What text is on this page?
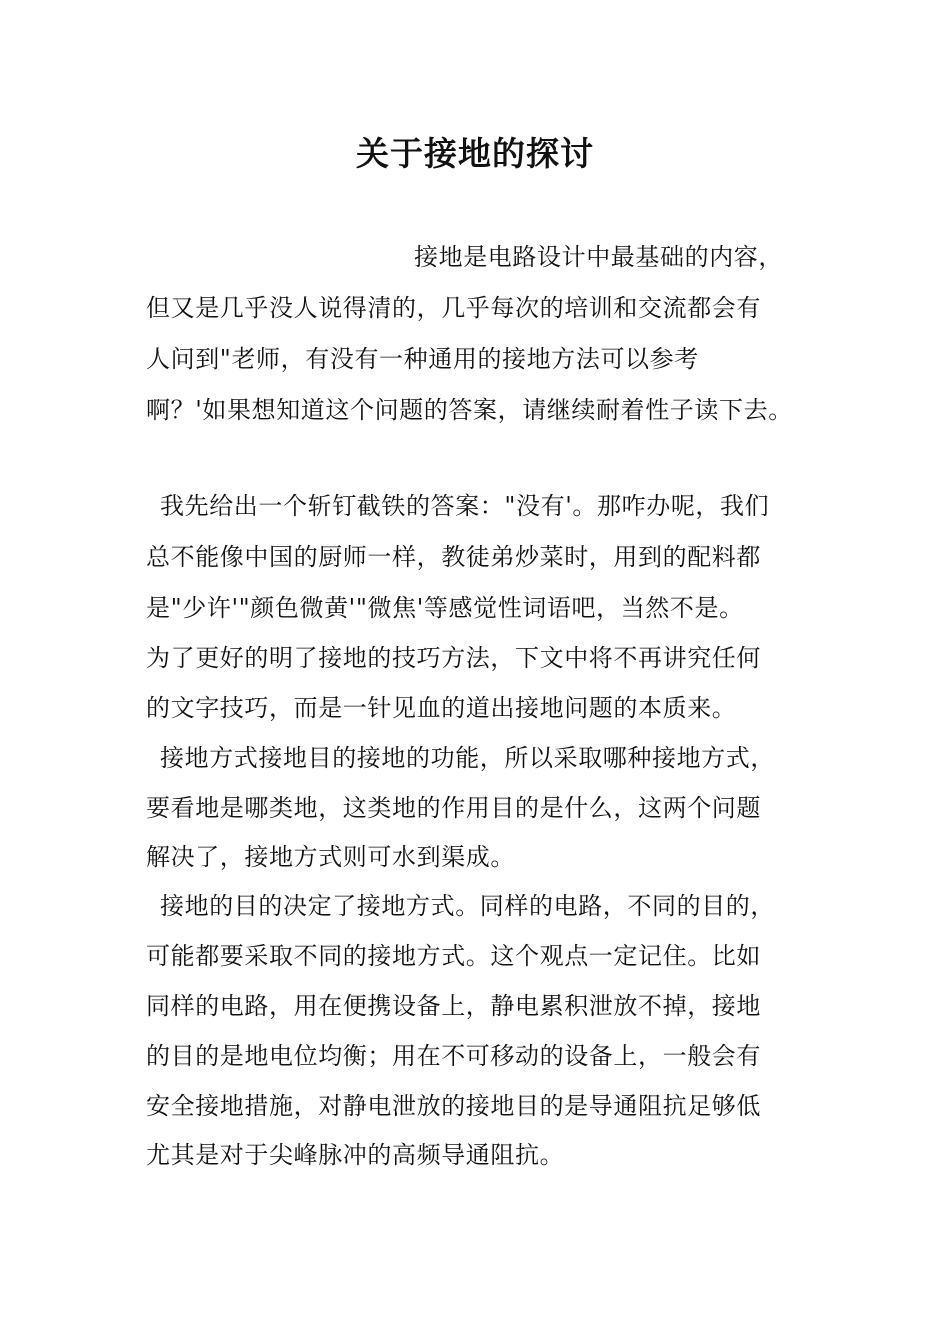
关于接地的探讨
接地是电路设计中最基础的内容，
但又是几乎没人说得清的，几乎每次的培训和交流都会有
人问到"老师，有没有一种通用的接地方法可以参考
啊？'如果想知道这个问题的答案，请继续耐着性子读下去。
我先给出一个斩钉截铁的答案："没有'。那咋办呢，我们
总不能像中国的厨师一样，教徒弟炒菜时，用到的配料都
是"少许'"颜色微黄'"微焦'等感觉性词语吧，当然不是。
为了更好的明了接地的技巧方法，下文中将不再讲究任何
的文字技巧，而是一针见血的道出接地问题的本质来。
接地方式接地目的接地的功能，所以采取哪种接地方式，
要看地是哪类地，这类地的作用目的是什么，这两个问题
解决了，接地方式则可水到渠成。
接地的目的决定了接地方式。同样的电路，不同的目的，
可能都要采取不同的接地方式。这个观点一定记住。比如
同样的电路，用在便携设备上，静电累积泄放不掉，接地
的目的是地电位均衡；用在不可移动的设备上，一般会有
安全接地措施，对静电泄放的接地目的是导通阻抗足够低
尤其是对于尖峰脉冲的高频导通阻抗。
